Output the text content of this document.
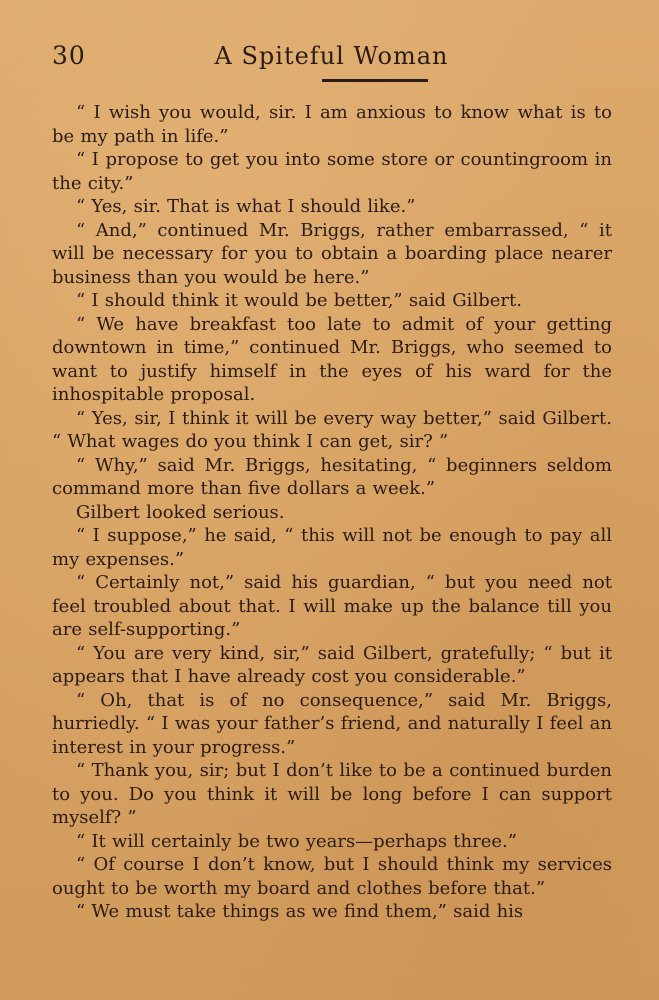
30	A Spiteful Woman

“ I wish you would, sir. I am anxious to know what is to be my path in life.”

“ I propose to get you into some store or countingroom in the city.”

“ Yes, sir. That is what I should like.”

“ And,” continued Mr. Briggs, rather embarrassed, “ it will be necessary for you to obtain a boarding place nearer business than you would be here.”

“ I should think it would be better,” said Gilbert.

“ We have breakfast too late to admit of your getting downtown in time,” continued Mr. Briggs, who seemed to want to justify himself in the eyes of his ward for the inhospitable proposal.

“ Yes, sir, I think it will be every way better,” said Gilbert. “ What wages do you think I can get, sir? ”

“ Why,” said Mr. Briggs, hesitating, “ beginners seldom command more than five dollars a week.”

Gilbert looked serious.

“ I suppose,” he said, “ this will not be enough to pay all my expenses.”

“ Certainly not,” said his guardian, “ but you need not feel troubled about that. I will make up the balance till you are self-supporting.”

“ You are very kind, sir,” said Gilbert, gratefully; “ but it appears that I have already cost you considerable.”

“ Oh, that is of no consequence,” said Mr. Briggs, hurriedly. “ I was your father’s friend, and naturally I feel an interest in your progress.”

“ Thank you, sir; but I don’t like to be a continued burden to you. Do you think it will be long before I can support myself? ”

“ It will certainly be two years—perhaps three.”

“ Of course I don’t know, but I should think my services ought to be worth my board and clothes before that.”

“ We must take things as we find them,” said his
